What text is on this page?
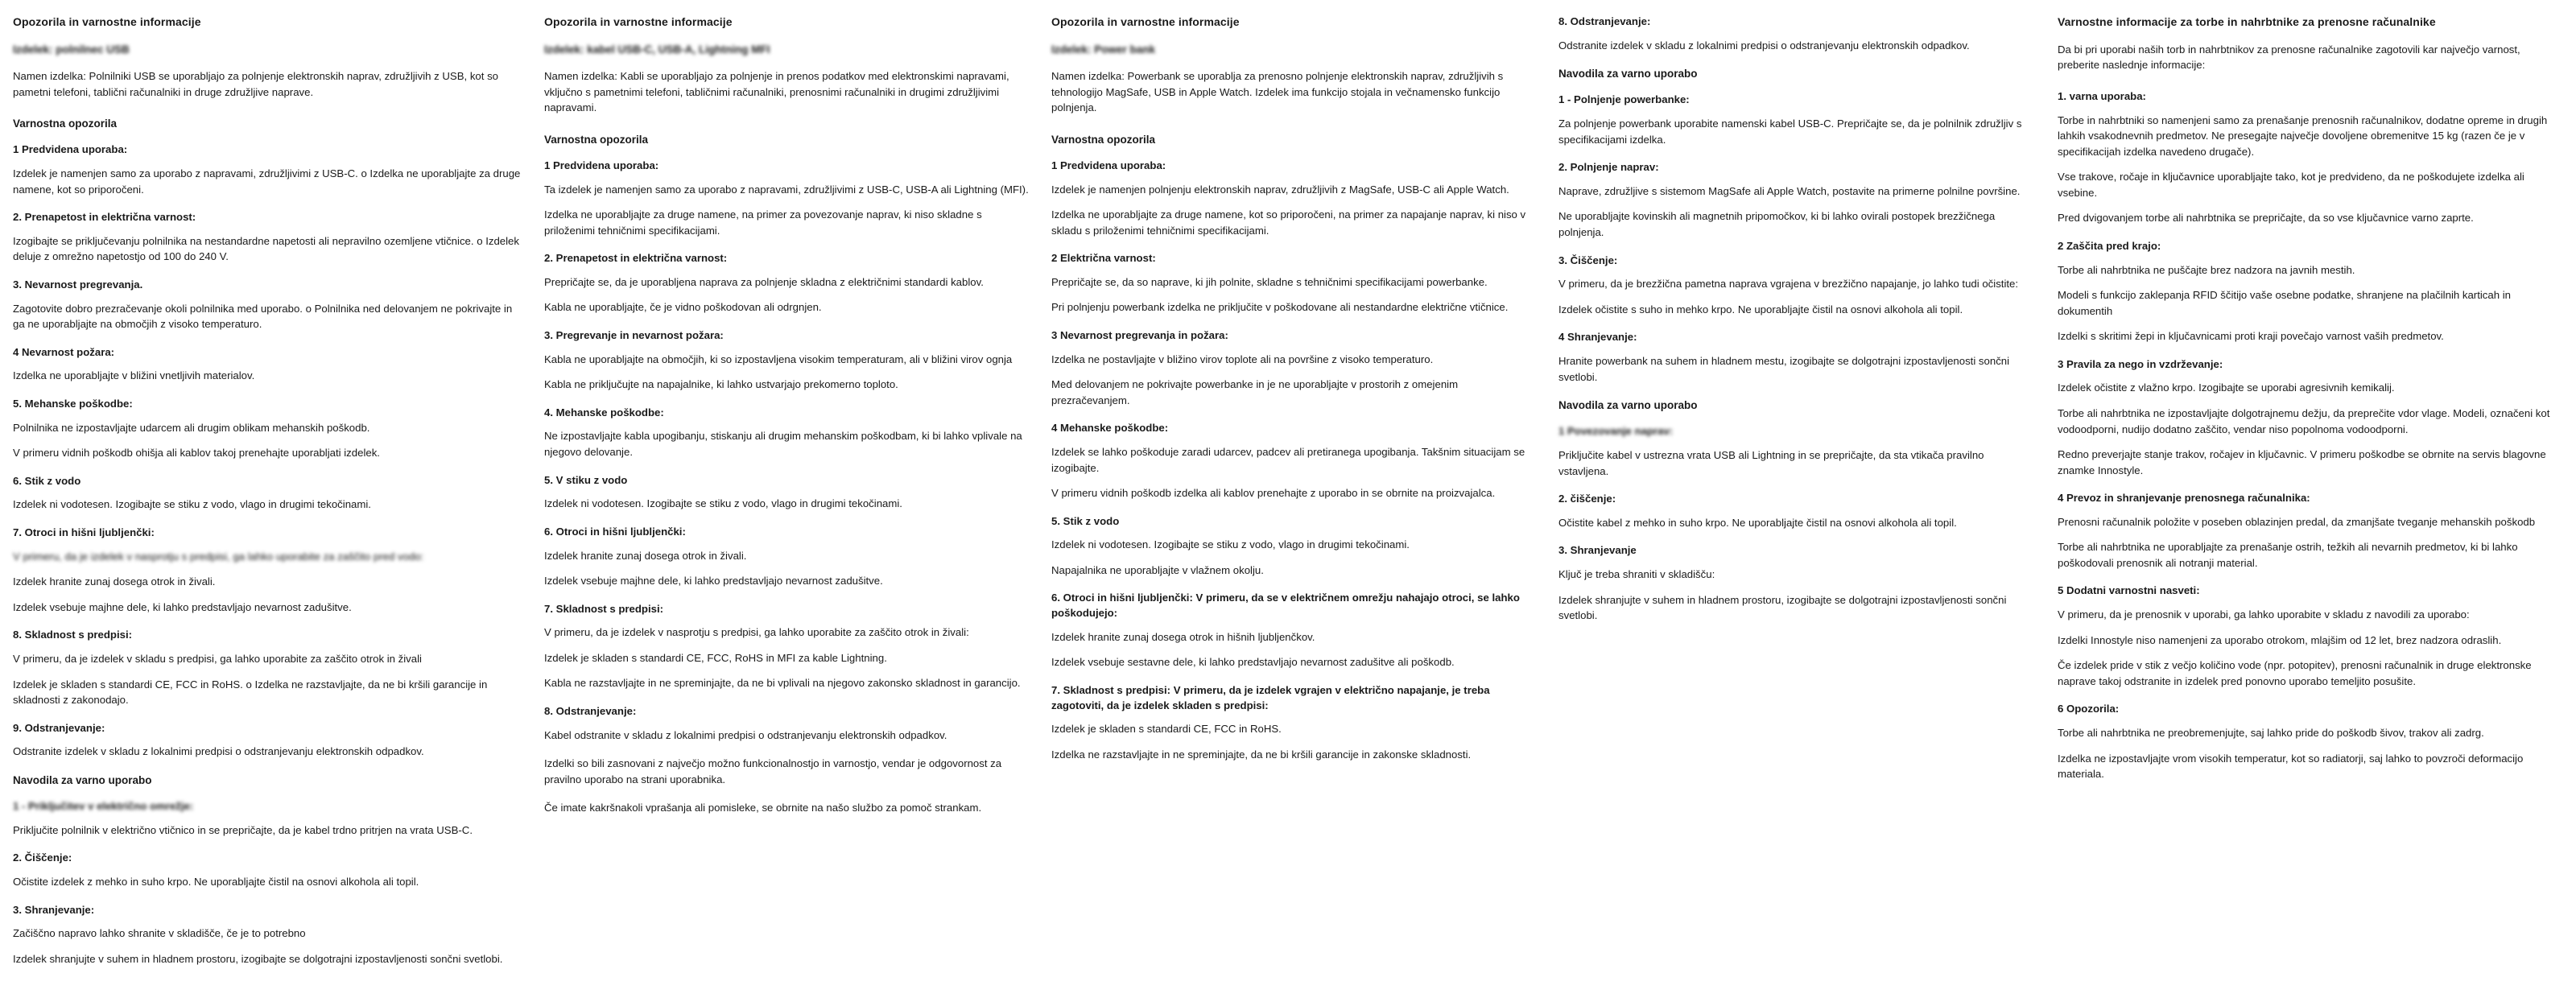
Opozorila in varnostne informacije
Izdelek: polnilnec USB

Namen izdelka: Polnilniki USB se uporabljajo za polnjenje elektronskih naprav, združljivih z USB, kot so pametni telefoni, tablični računalniki in druge združljive naprave.

Varnostna opozorila
1 Predvidena uporaba:

Izdelek je namenjen samo za uporabo z napravami, združljivimi z USB-C. o Izdelka ne uporabljajte za druge namene, kot so priporočeni.

2. Prenapetost in električna varnost:

Izogibajte se priključevanju polnilnika na nestandardne napetosti ali nepravilno ozemljene vtičnice. o Izdelek deluje z omrežno napetostjo od 100 do 240 V.

3. Nevarnost pregrevanja.

Zagotovite dobro prezračevanje okoli polnilnika med uporabo. o Polnilnika ned delovanjem ne pokrivajte in ga ne uporabljajte na območjih z visoko temperaturo.

4 Nevarnost požara:

Izdelka ne uporabljajte v bližini vnetljivih materialov.

5. Mehanske poškodbe:

Polnilnika ne izpostavljajte udarcem ali drugim oblikam mehanskih poškodb.

V primeru vidnih poškodb ohišja ali kablov takoj prenehajte uporabljati izdelek.

6. Stik z vodo

Izdelek ni vodotesen. Izogibajte se stiku z vodo, vlago in drugimi tekočinami.

7. Otroci in hišni ljubljenčki:

V primeru, da je izdelek v nasprotju s predpisi, ga lahko uporabite za zaščito pred vodo:

Izdelek hranite zunaj dosega otrok in živali.

Izdelek vsebuje majhne dele, ki lahko predstavljajo nevarnost zadušitve.

8. Skladnost s predpisi:

V primeru, da je izdelek v skladu s predpisi, ga lahko uporabite za zaščito otrok in živali

Izdelek je skladen s standardi CE, FCC in RoHS. o Izdelka ne razstavljajte, da ne bi kršili garancije in skladnosti z zakonodajo.

9. Odstranjevanje:

Odstranite izdelek v skladu z lokalnimi predpisi o odstranjevanju elektronskih odpadkov.

Navodila za varno uporabo
1 - Priključitev v električno omrežje:

Priključite polnilnik v električno vtičnico in se prepričajte, da je kabel trdno pritrjen na vrata USB-C.

2. Čiščenje:

Očistite izdelek z mehko in suho krpo. Ne uporabljajte čistil na osnovi alkohola ali topil.

3. Shranjevanje:

Začiščno napravo lahko shranite v skladišče, če je to potrebno

Izdelek shranjujte v suhem in hladnem prostoru, izogibajte se dolgotrajni izpostavljenosti sončni svetlobi.

Opozorila in varnostne informacije
Izdelek: kabel USB-C, USB-A, Lightning MFI

Namen izdelka: Kabli se uporabljajo za polnjenje in prenos podatkov med elektronskimi napravami, vključno s pametnimi telefoni, tabličnimi računalniki, prenosnimi računalniki in drugimi združljivimi napravami.

Varnostna opozorila
1 Predvidena uporaba:

Ta izdelek je namenjen samo za uporabo z napravami, združljivimi z USB-C, USB-A ali Lightning (MFI).

Izdelka ne uporabljajte za druge namene, na primer za povezovanje naprav, ki niso skladne s priloženimi tehničnimi specifikacijami.

2. Prenapetost in električna varnost:

Prepričajte se, da je uporabljena naprava za polnjenje skladna z električnimi standardi kablov.

Kabla ne uporabljajte, če je vidno poškodovan ali odrgnjen.

3. Pregrevanje in nevarnost požara:

Kabla ne uporabljajte na območjih, ki so izpostavljena visokim temperaturam, ali v bližini virov ognja

Kabla ne priključujte na napajalnike, ki lahko ustvarjajo prekomerno toploto.

4. Mehanske poškodbe:

Ne izpostavljajte kabla upogibanju, stiskanju ali drugim mehanskim poškodbam, ki bi lahko vplivale na njegovo delovanje.

5. V stiku z vodo

Izdelek ni vodotesen. Izogibajte se stiku z vodo, vlago in drugimi tekočinami.

6. Otroci in hišni ljubljenčki:

Izdelek hranite zunaj dosega otrok in živali.

Izdelek vsebuje majhne dele, ki lahko predstavljajo nevarnost zadušitve.

7. Skladnost s predpisi:

V primeru, da je izdelek v nasprotju s predpisi, ga lahko uporabite za zaščito otrok in živali:

Izdelek je skladen s standardi CE, FCC, RoHS in MFI za kable Lightning.

Kabla ne razstavljajte in ne spreminjajte, da ne bi vplivali na njegovo zakonsko skladnost in garancijo.

8. Odstranjevanje:

Kabel odstranite v skladu z lokalnimi predpisi o odstranjevanju elektronskih odpadkov.

Izdelki so bili zasnovani z največjo možno funkcionalnostjo in varnostjo, vendar je odgovornost za pravilno uporabo na strani uporabnika.

Če imate kakršnakoli vprašanja ali pomisleke, se obrnite na našo službo za pomoč strankam.

Opozorila in varnostne informacije
Izdelek: Power bank

Namen izdelka: Powerbank se uporablja za prenosno polnjenje elektronskih naprav, združljivih s tehnologijo MagSafe, USB in Apple Watch. Izdelek ima funkcijo stojala in večnamensko funkcijo polnjenja.

Varnostna opozorila
1 Predvidena uporaba:

Izdelek je namenjen polnjenju elektronskih naprav, združljivih z MagSafe, USB-C ali Apple Watch.

Izdelka ne uporabljajte za druge namene, kot so priporočeni, na primer za napajanje naprav, ki niso v skladu s priloženimi tehničnimi specifikacijami.

2 Električna varnost:

Prepričajte se, da so naprave, ki jih polnite, skladne s tehničnimi specifikacijami powerbanke.

Pri polnjenju powerbank izdelka ne priključite v poškodovane ali nestandardne električne vtičnice.

3 Nevarnost pregrevanja in požara:

Izdelka ne postavljajte v bližino virov toplote ali na površine z visoko temperaturo.

Med delovanjem ne pokrivajte powerbanke in je ne uporabljajte v prostorih z omejenim prezračevanjem.

4 Mehanske poškodbe:

Izdelek se lahko poškoduje zaradi udarcev, padcev ali pretiranega upogibanja. Takšnim situacijam se izogibajte.

V primeru vidnih poškodb izdelka ali kablov prenehajte z uporabo in se obrnite na proizvajalca.

5. Stik z vodo

Izdelek ni vodotesen. Izogibajte se stiku z vodo, vlago in drugimi tekočinami.

Napajalnika ne uporabljajte v vlažnem okolju.

6. Otroci in hišni ljubljenčki: V primeru, da se v električnem omrežju nahajajo otroci, se lahko poškodujejo:

Izdelek hranite zunaj dosega otrok in hišnih ljubljenčkov.

Izdelek vsebuje sestavne dele, ki lahko predstavljajo nevarnost zadušitve ali poškodb.

7. Skladnost s predpisi: V primeru, da je izdelek vgrajen v električno napajanje, je treba zagotoviti, da je izdelek skladen s predpisi:

Izdelek je skladen s standardi CE, FCC in RoHS.

Izdelka ne razstavljajte in ne spreminjajte, da ne bi kršili garancije in zakonske skladnosti.

8. Odstranjevanje:

Odstranite izdelek v skladu z lokalnimi predpisi o odstranjevanju elektronskih odpadkov.

Navodila za varno uporabo
1 - Polnjenje powerbanke:

Za polnjenje powerbank uporabite namenski kabel USB-C. Prepričajte se, da je polnilnik združljiv s specifikacijami izdelka.

2. Polnjenje naprav:

Naprave, združljive s sistemom MagSafe ali Apple Watch, postavite na primerne polnilne površine.

Ne uporabljajte kovinskih ali magnetnih pripomočkov, ki bi lahko ovirali postopek brezžičnega polnjenja.

3. Čiščenje:

V primeru, da je brezžična pametna naprava vgrajena v brezžično napajanje, jo lahko tudi očistite:

Izdelek očistite s suho in mehko krpo. Ne uporabljajte čistil na osnovi alkohola ali topil.

4 Shranjevanje:

Hranite powerbank na suhem in hladnem mestu, izogibajte se dolgotrajni izpostavljenosti sončni svetlobi.

Navodila za varno uporabo
1 Povezovanje naprav:

Priključite kabel v ustrezna vrata USB ali Lightning in se prepričajte, da sta vtikača pravilno vstavljena.

2. čiščenje:

Očistite kabel z mehko in suho krpo. Ne uporabljajte čistil na osnovi alkohola ali topil.

3. Shranjevanje

Ključ je treba shraniti v skladišču:

Izdelek shranjujte v suhem in hladnem prostoru, izogibajte se dolgotrajni izpostavljenosti sončni svetlobi.

Varnostne informacije za torbe in nahrbtnike za prenosne računalnike

Da bi pri uporabi naših torb in nahrbtnikov za prenosne računalnike zagotovili kar največjo varnost, preberite naslednje informacije:

1. varna uporaba:

Torbe in nahrbtniki so namenjeni samo za prenašanje prenosnih računalnikov, dodatne opreme in drugih lahkih vsakodnevnih predmetov. Ne presegajte največje dovoljene obremenitve 15 kg (razen če je v specifikacijah izdelka navedeno drugače).

Vse trakove, ročaje in ključavnice uporabljajte tako, kot je predvideno, da ne poškodujete izdelka ali vsebine.

Pred dvigovanjem torbe ali nahrbtnika se prepričajte, da so vse ključavnice varno zaprte.

2 Zaščita pred krajo:

Torbe ali nahrbtnika ne puščajte brez nadzora na javnih mestih.

Modeli s funkcijo zaklepanja RFID ščitijo vaše osebne podatke, shranjene na plačilnih karticah in dokumentih

Izdelki s skritimi žepi in ključavnicami proti kraji povečajo varnost vaših predmetov.

3 Pravila za nego in vzdrževanje:

Izdelek očistite z vlažno krpo. Izogibajte se uporabi agresivnih kemikalij.

Torbe ali nahrbtnika ne izpostavljajte dolgotrajnemu dežju, da preprečite vdor vlage. Modeli, označeni kot vodoodporni, nudijo dodatno zaščito, vendar niso popolnoma vodoodporni.

Redno preverjajte stanje trakov, ročajev in ključavnic. V primeru poškodbe se obrnite na servis blagovne znamke Innostyle.

4 Prevoz in shranjevanje prenosnega računalnika:

Prenosni računalnik položite v poseben oblazinjen predal, da zmanjšate tveganje mehanskih poškodb

Torbe ali nahrbtnika ne uporabljajte za prenašanje ostrih, težkih ali nevarnih predmetov, ki bi lahko poškodovali prenosnik ali notranji material.

5 Dodatni varnostni nasveti:

V primeru, da je prenosnik v uporabi, ga lahko uporabite v skladu z navodili za uporabo:

Izdelki Innostyle niso namenjeni za uporabo otrokom, mlajšim od 12 let, brez nadzora odraslih.

Če izdelek pride v stik z večjo količino vode (npr. potopitev), prenosni računalnik in druge elektronske naprave takoj odstranite in izdelek pred ponovno uporabo temeljito posušite.

6 Opozorila:

Torbe ali nahrbtnika ne preobremenjujte, saj lahko pride do poškodb šivov, trakov ali zadrg.

Izdelka ne izpostavljajte vrom visokih temperatur, kot so radiatorji, saj lahko to povzroči deformacijo materiala.
